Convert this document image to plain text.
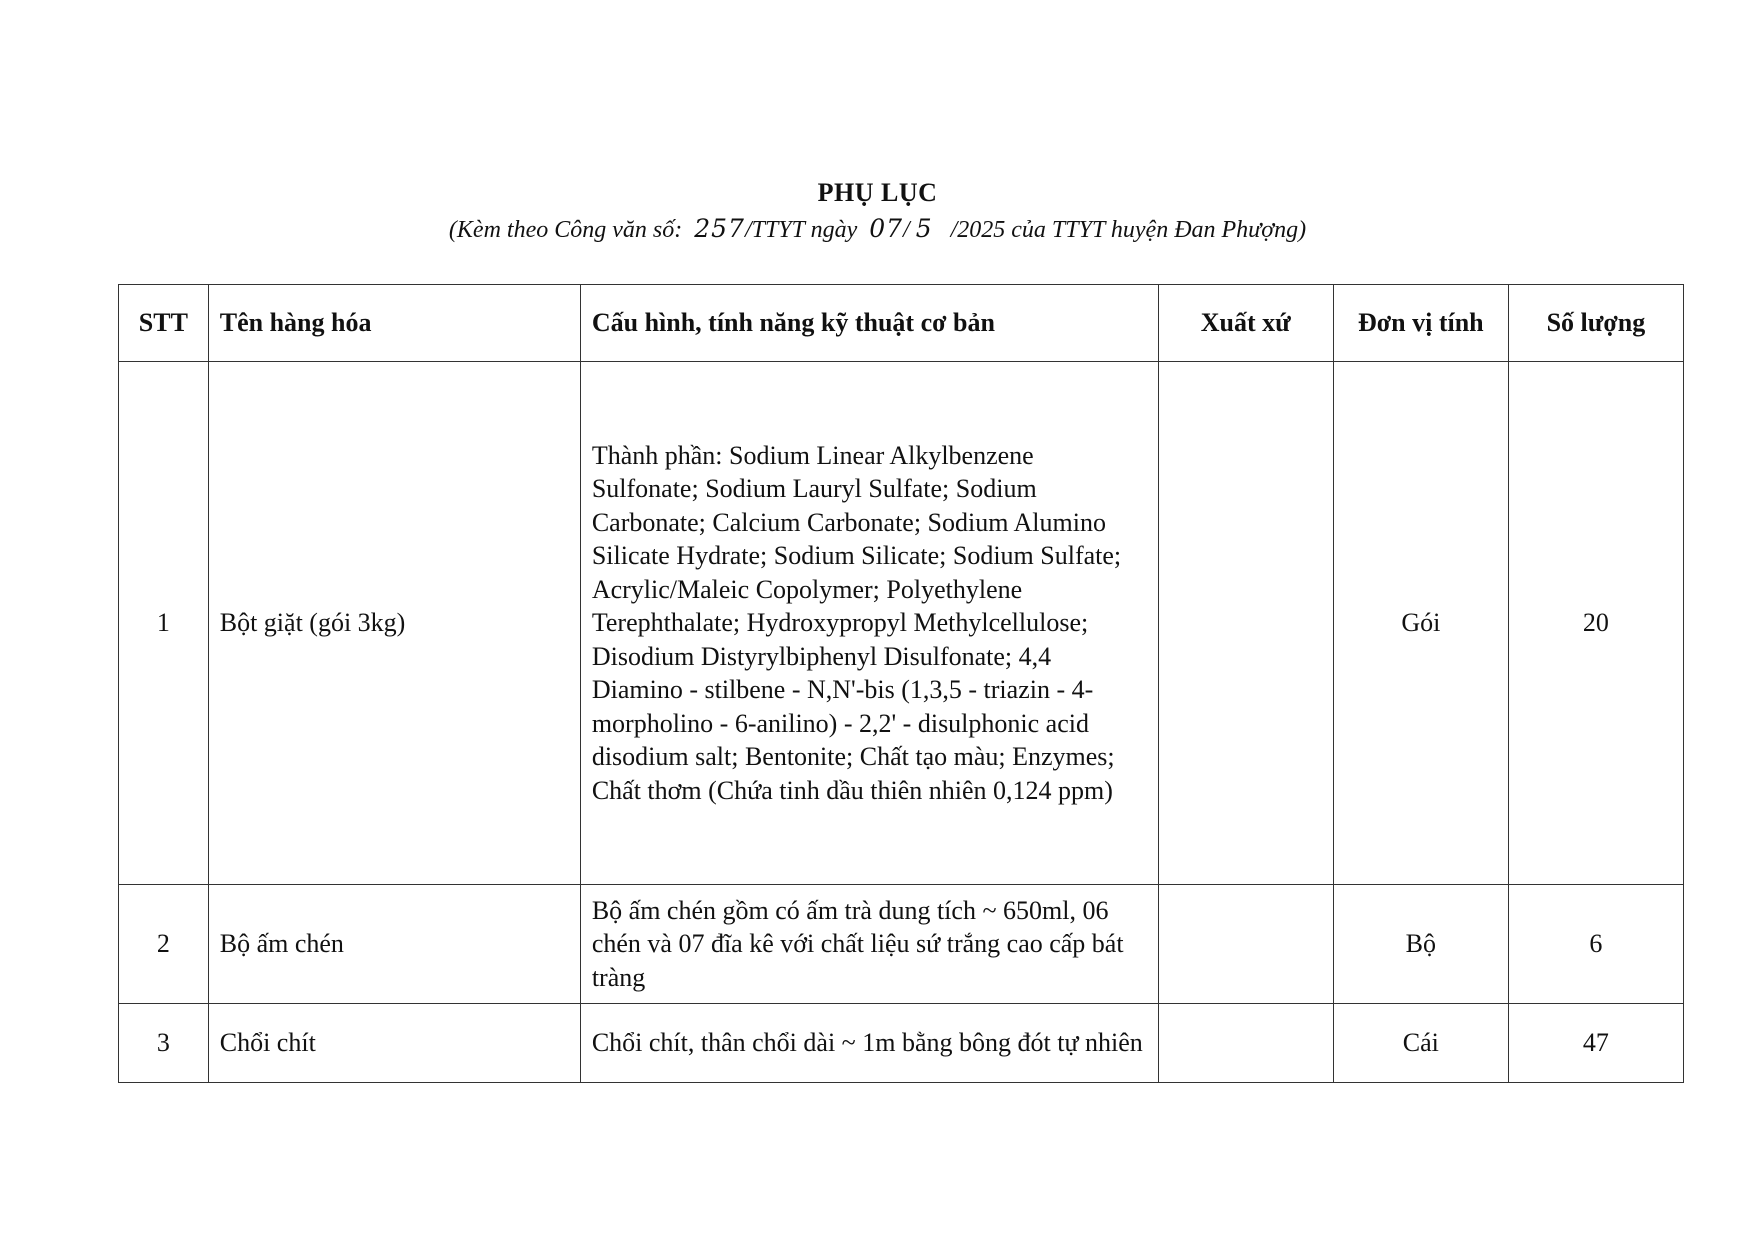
PHỤ LỤC
(Kèm theo Công văn số: 257/TTYT ngày 07/ 5 /2025 của TTYT huyện Đan Phượng)
STT	Tên hàng hóa	Cấu hình, tính năng kỹ thuật cơ bản	Xuất xứ	Đơn vị tính	Số lượng
1	Bột giặt (gói 3kg)	Thành phần: Sodium Linear Alkylbenzene Sulfonate; Sodium Lauryl Sulfate; Sodium Carbonate; Calcium Carbonate; Sodium Alumino Silicate Hydrate; Sodium Silicate; Sodium Sulfate; Acrylic/Maleic Copolymer; Polyethylene Terephthalate; Hydroxypropyl Methylcellulose; Disodium Distyrylbiphenyl Disulfonate; 4,4 Diamino - stilbene - N,N'-bis (1,3,5 - triazin - 4- morpholino - 6-anilino) - 2,2' - disulphonic acid disodium salt; Bentonite; Chất tạo màu; Enzymes; Chất thơm (Chứa tinh dầu thiên nhiên 0,124 ppm)		Gói	20
2	Bộ ấm chén	Bộ ấm chén gồm có ấm trà dung tích ~ 650ml, 06 chén và 07 đĩa kê với chất liệu sứ trắng cao cấp bát tràng		Bộ	6
3	Chổi chít	Chổi chít, thân chổi dài ~ 1m bằng bông đót tự nhiên		Cái	47
